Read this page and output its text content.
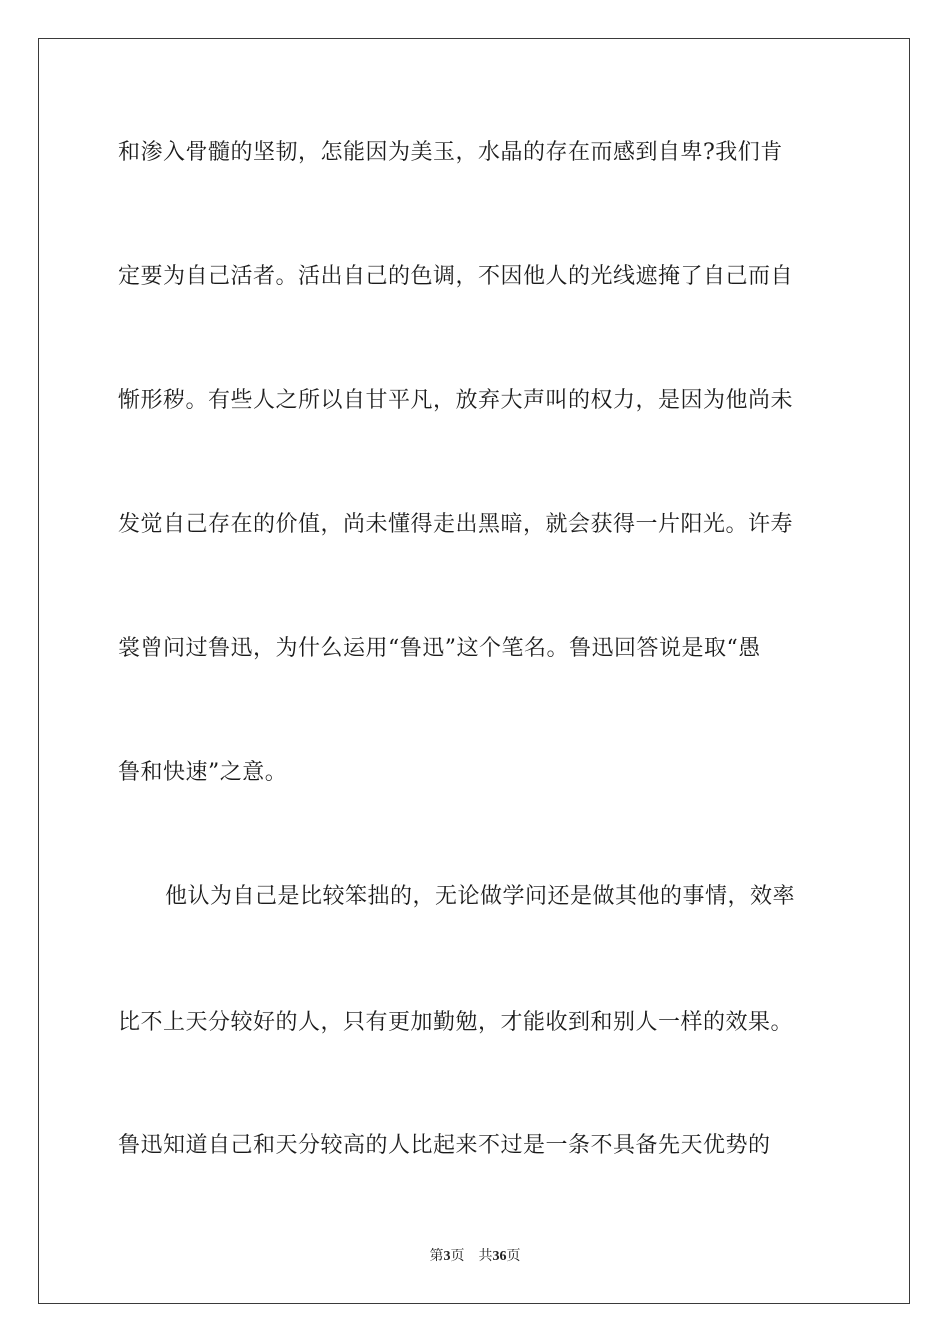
和渗入骨髓的坚韧，怎能因为美玉，水晶的存在而感到自卑?我们肯
定要为自己活者。活出自己的色调，不因他人的光线遮掩了自己而自
惭形秽。有些人之所以自甘平凡，放弃大声叫的权力，是因为他尚未
发觉自己存在的价值，尚未懂得走出黑暗，就会获得一片阳光。许寿
裳曾问过鲁迅，为什么运用“鲁迅”这个笔名。鲁迅回答说是取“愚
鲁和快速”之意。
他认为自己是比较笨拙的，无论做学问还是做其他的事情，效率
比不上天分较好的人，只有更加勤勉，才能收到和别人一样的效果。
鲁迅知道自己和天分较高的人比起来不过是一条不具备先天优势的
第3页 共36页
